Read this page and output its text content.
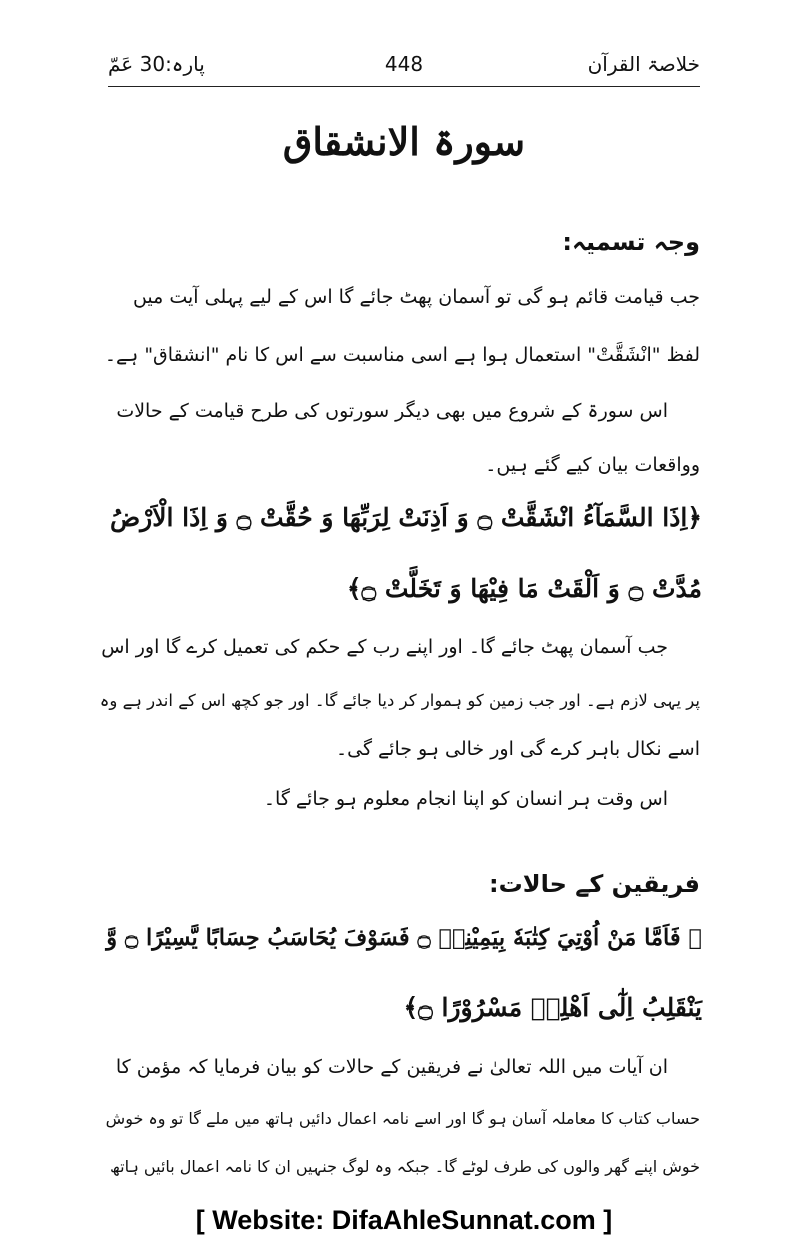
خلاصۃ القرآن
448
پارہ:30 عَمّ
سورۃ الانشقاق
وجہ تسمیہ:
جب قیامت قائم ہو گی تو آسمان پھٹ جائے گا اس کے لیے پہلی آیت میں
لفظ "انْشَقَّتْ" استعمال ہوا ہے اسی مناسبت سے اس کا نام "انشقاق" ہے۔
اس سورۃ کے شروع میں بھی دیگر سورتوں کی طرح قیامت کے حالات
وواقعات بیان کیے گئے ہیں۔
﴿اِذَا السَّمَآءُ انْشَقَّتْ ۝ وَ اَذِنَتْ لِرَبِّهَا وَ حُقَّتْ ۝ وَ اِذَا الْاَرْضُ
مُدَّتْ ۝ وَ اَلْقَتْ مَا فِيْهَا وَ تَخَلَّتْ ۝﴾
جب آسمان پھٹ جائے گا۔ اور اپنے رب کے حکم کی تعمیل کرے گا اور اس
پر یہی لازم ہے۔ اور جب زمین کو ہموار کر دیا جائے گا۔ اور جو کچھ اس کے اندر ہے وہ
اسے نکال باہر کرے گی اور خالی ہو جائے گی۔
اس وقت ہر انسان کو اپنا انجام معلوم ہو جائے گا۔
فریقین کے حالات:
﴿ فَاَمَّا مَنْ اُوْتِيَ كِتٰبَهٗ بِيَمِيْنِهٖ ۝ فَسَوْفَ يُحَاسَبُ حِسَابًا يَّسِيْرًا ۝ وَّ
يَنْقَلِبُ اِلٰٓى اَهْلِهٖ مَسْرُوْرًا ۝﴾
ان آیات میں اللہ تعالیٰ نے فریقین کے حالات کو بیان فرمایا کہ مؤمن کا
حساب کتاب کا معاملہ آسان ہو گا اور اسے نامہ اعمال دائیں ہاتھ میں ملے گا تو وہ خوش
خوش اپنے گھر والوں کی طرف لوٹے گا۔ جبکہ وہ لوگ جنہیں ان کا نامہ اعمال بائیں ہاتھ
[ Website: DifaAhleSunnat.com ]
